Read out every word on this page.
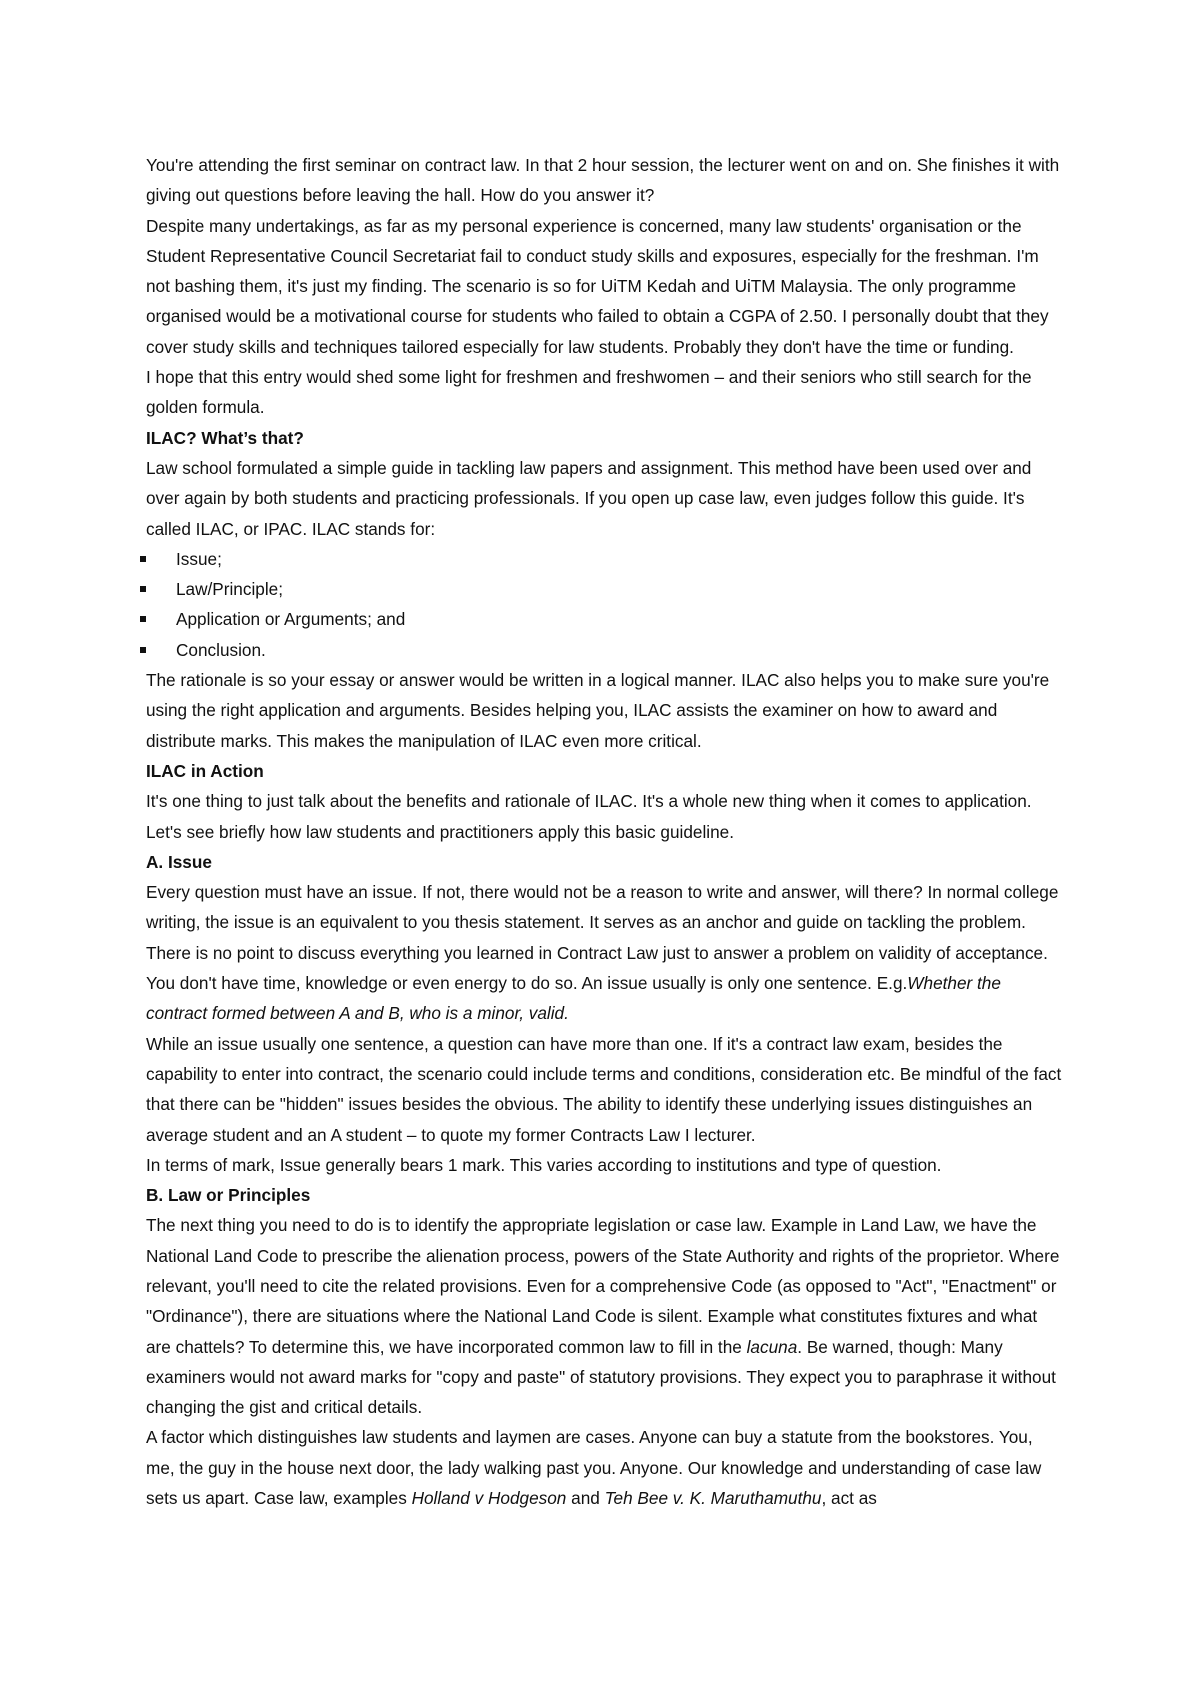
You're attending the first seminar on contract law. In that 2 hour session, the lecturer went on and on. She finishes it with giving out questions before leaving the hall. How do you answer it?

Despite many undertakings, as far as my personal experience is concerned, many law students' organisation or the Student Representative Council Secretariat fail to conduct study skills and exposures, especially for the freshman. I'm not bashing them, it's just my finding. The scenario is so for UiTM Kedah and UiTM Malaysia. The only programme organised would be a motivational course for students who failed to obtain a CGPA of 2.50. I personally doubt that they cover study skills and techniques tailored especially for law students. Probably they don't have the time or funding.

I hope that this entry would shed some light for freshmen and freshwomen – and their seniors who still search for the golden formula.

ILAC? What’s that?

Law school formulated a simple guide in tackling law papers and assignment. This method have been used over and over again by both students and practicing professionals. If you open up case law, even judges follow this guide. It's called ILAC, or IPAC. ILAC stands for:

Issue;
Law/Principle;
Application or Arguments; and
Conclusion.

The rationale is so your essay or answer would be written in a logical manner. ILAC also helps you to make sure you're using the right application and arguments. Besides helping you, ILAC assists the examiner on how to award and distribute marks. This makes the manipulation of ILAC even more critical.

ILAC in Action

It's one thing to just talk about the benefits and rationale of ILAC. It's a whole new thing when it comes to application. Let's see briefly how law students and practitioners apply this basic guideline.

A. Issue

Every question must have an issue. If not, there would not be a reason to write and answer, will there? In normal college writing, the issue is an equivalent to you thesis statement. It serves as an anchor and guide on tackling the problem. There is no point to discuss everything you learned in Contract Law just to answer a problem on validity of acceptance. You don't have time, knowledge or even energy to do so. An issue usually is only one sentence. E.g.Whether the contract formed between A and B, who is a minor, valid.

While an issue usually one sentence, a question can have more than one. If it's a contract law exam, besides the capability to enter into contract, the scenario could include terms and conditions, consideration etc. Be mindful of the fact that there can be "hidden" issues besides the obvious. The ability to identify these underlying issues distinguishes an average student and an A student – to quote my former Contracts Law I lecturer.

In terms of mark, Issue generally bears 1 mark. This varies according to institutions and type of question.

B. Law or Principles

The next thing you need to do is to identify the appropriate legislation or case law. Example in Land Law, we have the National Land Code to prescribe the alienation process, powers of the State Authority and rights of the proprietor. Where relevant, you'll need to cite the related provisions. Even for a comprehensive Code (as opposed to "Act", "Enactment" or "Ordinance"), there are situations where the National Land Code is silent. Example what constitutes fixtures and what are chattels? To determine this, we have incorporated common law to fill in the lacuna. Be warned, though: Many examiners would not award marks for "copy and paste" of statutory provisions. They expect you to paraphrase it without changing the gist and critical details.

A factor which distinguishes law students and laymen are cases. Anyone can buy a statute from the bookstores. You, me, the guy in the house next door, the lady walking past you. Anyone. Our knowledge and understanding of case law sets us apart. Case law, examples Holland v Hodgeson and Teh Bee v. K. Maruthamuthu, act as
